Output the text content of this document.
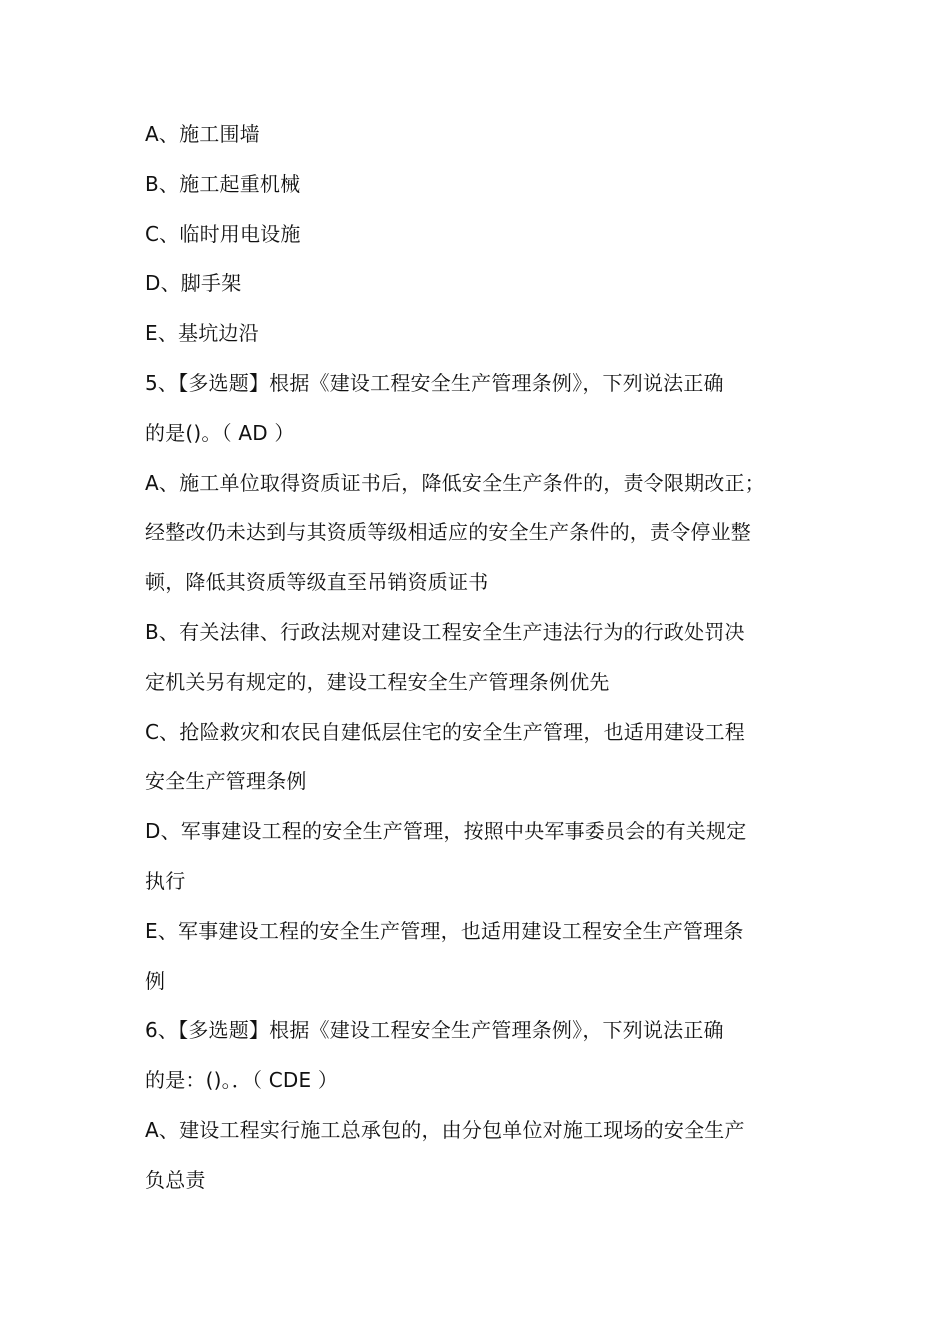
A、施工围墙
B、施工起重机械
C、临时用电设施
D、脚手架
E、基坑边沿
5、【多选题】根据《建设工程安全生产管理条例》，下列说法正确
的是()。（ AD ）
A、施工单位取得资质证书后，降低安全生产条件的，责令限期改正；
经整改仍未达到与其资质等级相适应的安全生产条件的，责令停业整
顿，降低其资质等级直至吊销资质证书
B、有关法律、行政法规对建设工程安全生产违法行为的行政处罚决
定机关另有规定的，建设工程安全生产管理条例优先
C、抢险救灾和农民自建低层住宅的安全生产管理，也适用建设工程
安全生产管理条例
D、军事建设工程的安全生产管理，按照中央军事委员会的有关规定
执行
E、军事建设工程的安全生产管理，也适用建设工程安全生产管理条
例
6、【多选题】根据《建设工程安全生产管理条例》，下列说法正确
的是：()。．（ CDE ）
A、建设工程实行施工总承包的，由分包单位对施工现场的安全生产
负总责
